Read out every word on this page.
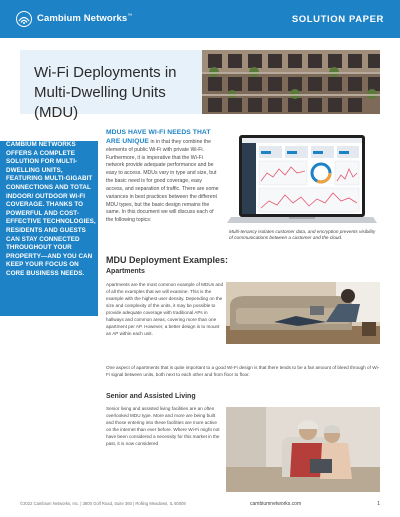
Cambium Networks™	SOLUTION PAPER
Wi-Fi Deployments in
Multi-Dwelling Units (MDU)

CAMBIUM NETWORKS OFFERS A COMPLETE SOLUTION FOR MULTI-DWELLING UNITS, FEATURING MULTI-GIGABIT CONNECTIONS AND TOTAL INDOOR/ OUTDOOR WI-FI COVERAGE. THANKS TO POWERFUL AND COST-EFFECTIVE TECHNOLOGIES, RESIDENTS AND GUESTS CAN STAY CONNECTED THROUGHOUT YOUR PROPERTY—AND YOU CAN KEEP YOUR FOCUS ON CORE BUSINESS NEEDS.

MDUS HAVE WI-FI NEEDS THAT ARE UNIQUE in in that they combine the elements of public Wi-Fi with private Wi-Fi. Furthermore, it is imperative that the Wi-Fi network provide adequate performance and be easy to access. MDUs vary in type and size, but the basic need is for good coverage, easy access, and separation of traffic. There are some variances in best practices between the different MDU types, but the basic design remains the same. In this document we will discuss each of the following topics:

Multi-tenancy isolates customer data, and encryption prevents visibility of communications between a customer and the cloud.

MDU Deployment Examples:
Apartments

Apartments are the most common example of MDUs and of all the examples that we will examine. This is the example with the highest user density. Depending on the size and complexity of the units, it may be possible to provide adequate coverage with traditional APs in hallways and common areas, covering more than one apartment per AP. However, a better design is to mount an AP within each unit.

One aspect of apartments that is quite important to a good Wi-Fi design is that there tends to be a fair amount of bleed through of Wi-Fi signal between units, both next to each other and from floor to floor.

Senior and Assisted Living

Senior living and assisted living facilities are an often overlooked MDU type. More and more are being built and those entering into these facilities are more active on the internet than ever before. Where Wi-Fi might not have been considered a necessity for this market in the past, it is now considered

©2022 Cambium Networks, Inc. | 3800 Golf Road, Suite 360 | Rolling Meadows, IL 60008	cambiumnetworks.com	1
